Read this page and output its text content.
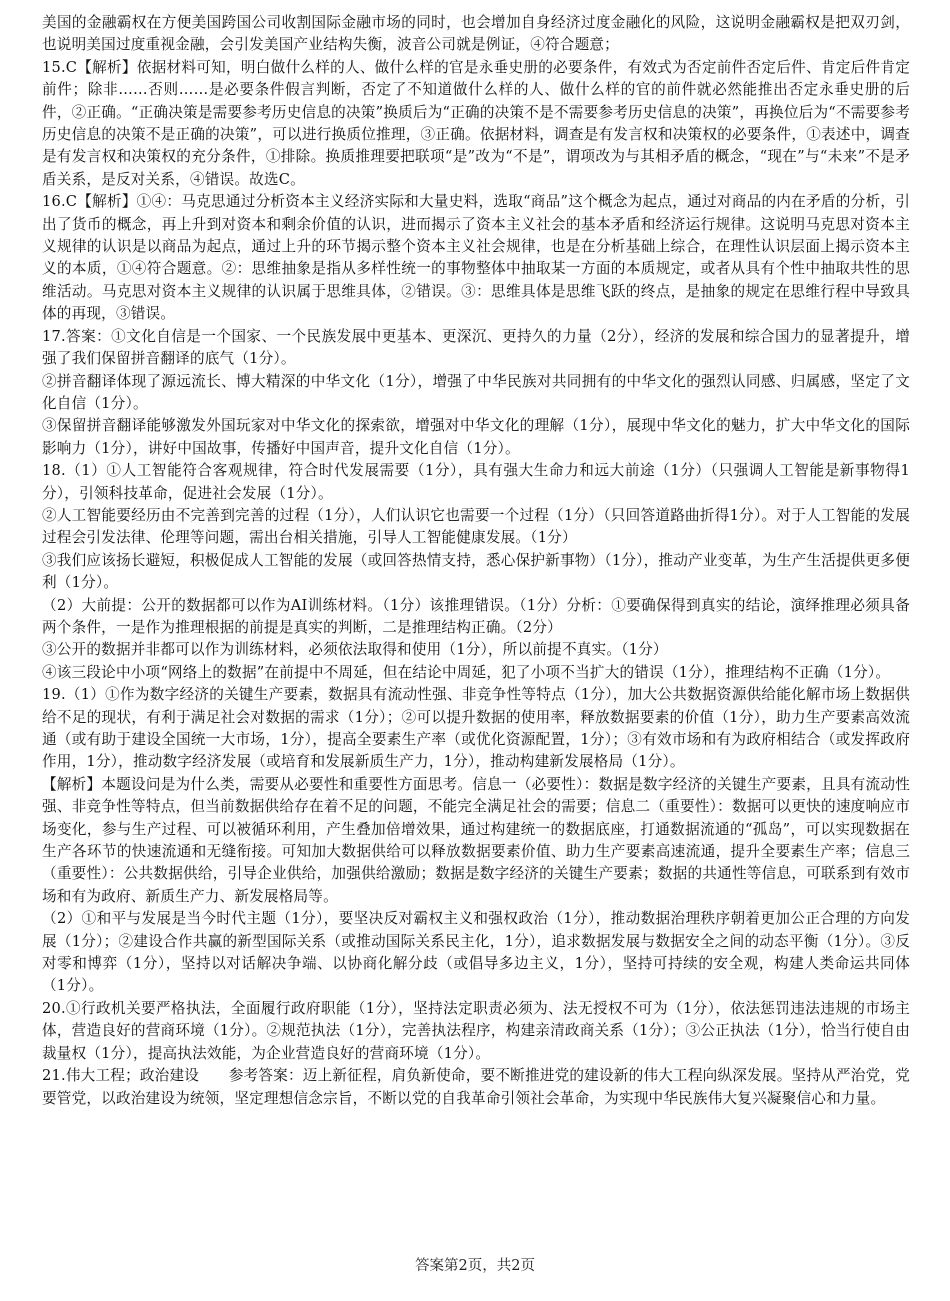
美国的金融霸权在方便美国跨国公司收割国际金融市场的同时，也会增加自身经济过度金融化的风险，这说明金融霸权是把双刃剑，也说明美国过度重视金融，会引发美国产业结构失衡，波音公司就是例证，④符合题意；

15.C【解析】依据材料可知，明白做什么样的人、做什么样的官是永垂史册的必要条件，有效式为否定前件否定后件、肯定后件肯定前件；除非……否则……是必要条件假言判断，否定了不知道做什么样的人、做什么样的官的前件就必然能推出否定永垂史册的后件，②正确。“正确决策是需要参考历史信息的决策”换质后为“正确的决策不是不需要参考历史信息的决策”，再换位后为“不需要参考历史信息的决策不是正确的决策”，可以进行换质位推理，③正确。依据材料，调查是有发言权和决策权的必要条件，①表述中，调查是有发言权和决策权的充分条件，①排除。换质推理要把联项“是”改为“不是”，谓项改为与其相矛盾的概念，“现在”与“未来”不是矛盾关系，是反对关系，④错误。故选C。

16.C【解析】①④：马克思通过分析资本主义经济实际和大量史料，选取“商品”这个概念为起点，通过对商品的内在矛盾的分析，引出了货币的概念，再上升到对资本和剩余价值的认识，进而揭示了资本主义社会的基本矛盾和经济运行规律。这说明马克思对资本主义规律的认识是以商品为起点，通过上升的环节揭示整个资本主义社会规律，也是在分析基础上综合，在理性认识层面上揭示资本主义的本质，①④符合题意。②：思维抽象是指从多样性统一的事物整体中抽取某一方面的本质规定，或者从具有个性中抽取共性的思维活动。马克思对资本主义规律的认识属于思维具体，②错误。③：思维具体是思维飞跃的终点，是抽象的规定在思维行程中导致具体的再现，③错误。

17.答案：①文化自信是一个国家、一个民族发展中更基本、更深沉、更持久的力量（2分），经济的发展和综合国力的显著提升，增强了我们保留拼音翻译的底气（1分）。

②拼音翻译体现了源远流长、博大精深的中华文化（1分），增强了中华民族对共同拥有的中华文化的强烈认同感、归属感，坚定了文化自信（1分）。

③保留拼音翻译能够激发外国玩家对中华文化的探索欲，增强对中华文化的理解（1分），展现中华文化的魅力，扩大中华文化的国际影响力（1分），讲好中国故事，传播好中国声音，提升文化自信（1分）。

18.（1）①人工智能符合客观规律，符合时代发展需要（1分），具有强大生命力和远大前途（1分）（只强调人工智能是新事物得1分），引领科技革命，促进社会发展（1分）。

②人工智能要经历由不完善到完善的过程（1分），人们认识它也需要一个过程（1分）（只回答道路曲折得1分）。对于人工智能的发展过程会引发法律、伦理等问题，需出台相关措施，引导人工智能健康发展。（1分）

③我们应该扬长避短，积极促成人工智能的发展（或回答热情支持，悉心保护新事物）（1分），推动产业变革，为生产生活提供更多便利（1分）。

（2）大前提：公开的数据都可以作为AI训练材料。（1分）该推理错误。（1分）分析：①要确保得到真实的结论，演绎推理必须具备两个条件，一是作为推理根据的前提是真实的判断，二是推理结构正确。（2分）

③公开的数据并非都可以作为训练材料，必须依法取得和使用（1分），所以前提不真实。（1分）

④该三段论中小项“网络上的数据”在前提中不周延，但在结论中周延，犯了小项不当扩大的错误（1分），推理结构不正确（1分）。

19.（1）①作为数字经济的关键生产要素，数据具有流动性强、非竞争性等特点（1分），加大公共数据资源供给能化解市场上数据供给不足的现状，有利于满足社会对数据的需求（1分）；②可以提升数据的使用率，释放数据要素的价值（1分），助力生产要素高效流通（或有助于建设全国统一大市场，1分），提高全要素生产率（或优化资源配置，1分）；③有效市场和有为政府相结合（或发挥政府作用，1分），推动数字经济发展（或培育和发展新质生产力，1分），推动构建新发展格局（1分）。

【解析】本题设问是为什么类，需要从必要性和重要性方面思考。信息一（必要性）：数据是数字经济的关键生产要素，且具有流动性强、非竞争性等特点，但当前数据供给存在着不足的问题，不能完全满足社会的需要；信息二（重要性）：数据可以更快的速度响应市场变化，参与生产过程、可以被循环利用，产生叠加倍增效果，通过构建统一的数据底座，打通数据流通的“孤岛”，可以实现数据在生产各环节的快速流通和无缝衔接。可知加大数据供给可以释放数据要素价值、助力生产要素高速流通，提升全要素生产率；信息三（重要性）：公共数据供给，引导企业供给，加强供给激励；数据是数字经济的关键生产要素；数据的共通性等信息，可联系到有效市场和有为政府、新质生产力、新发展格局等。

（2）①和平与发展是当今时代主题（1分），要坚决反对霸权主义和强权政治（1分），推动数据治理秩序朝着更加公正合理的方向发展（1分）；②建设合作共赢的新型国际关系（或推动国际关系民主化，1分），追求数据发展与数据安全之间的动态平衡（1分）。③反对零和博弈（1分），坚持以对话解决争端、以协商化解分歧（或倡导多边主义，1分），坚持可持续的安全观，构建人类命运共同体（1分）。

20.①行政机关要严格执法，全面履行政府职能（1分），坚持法定职责必须为、法无授权不可为（1分），依法惩罚违法违规的市场主体，营造良好的营商环境（1分）。②规范执法（1分），完善执法程序，构建亲清政商关系（1分）；③公正执法（1分），恰当行使自由裁量权（1分），提高执法效能，为企业营造良好的营商环境（1分）。

21.伟大工程；政治建设　　参考答案：迈上新征程，肩负新使命，要不断推进党的建设新的伟大工程向纵深发展。坚持从严治党，党要管党，以政治建设为统领，坚定理想信念宗旨，不断以党的自我革命引领社会革命，为实现中华民族伟大复兴凝聚信心和力量。

答案第2页，共2页
